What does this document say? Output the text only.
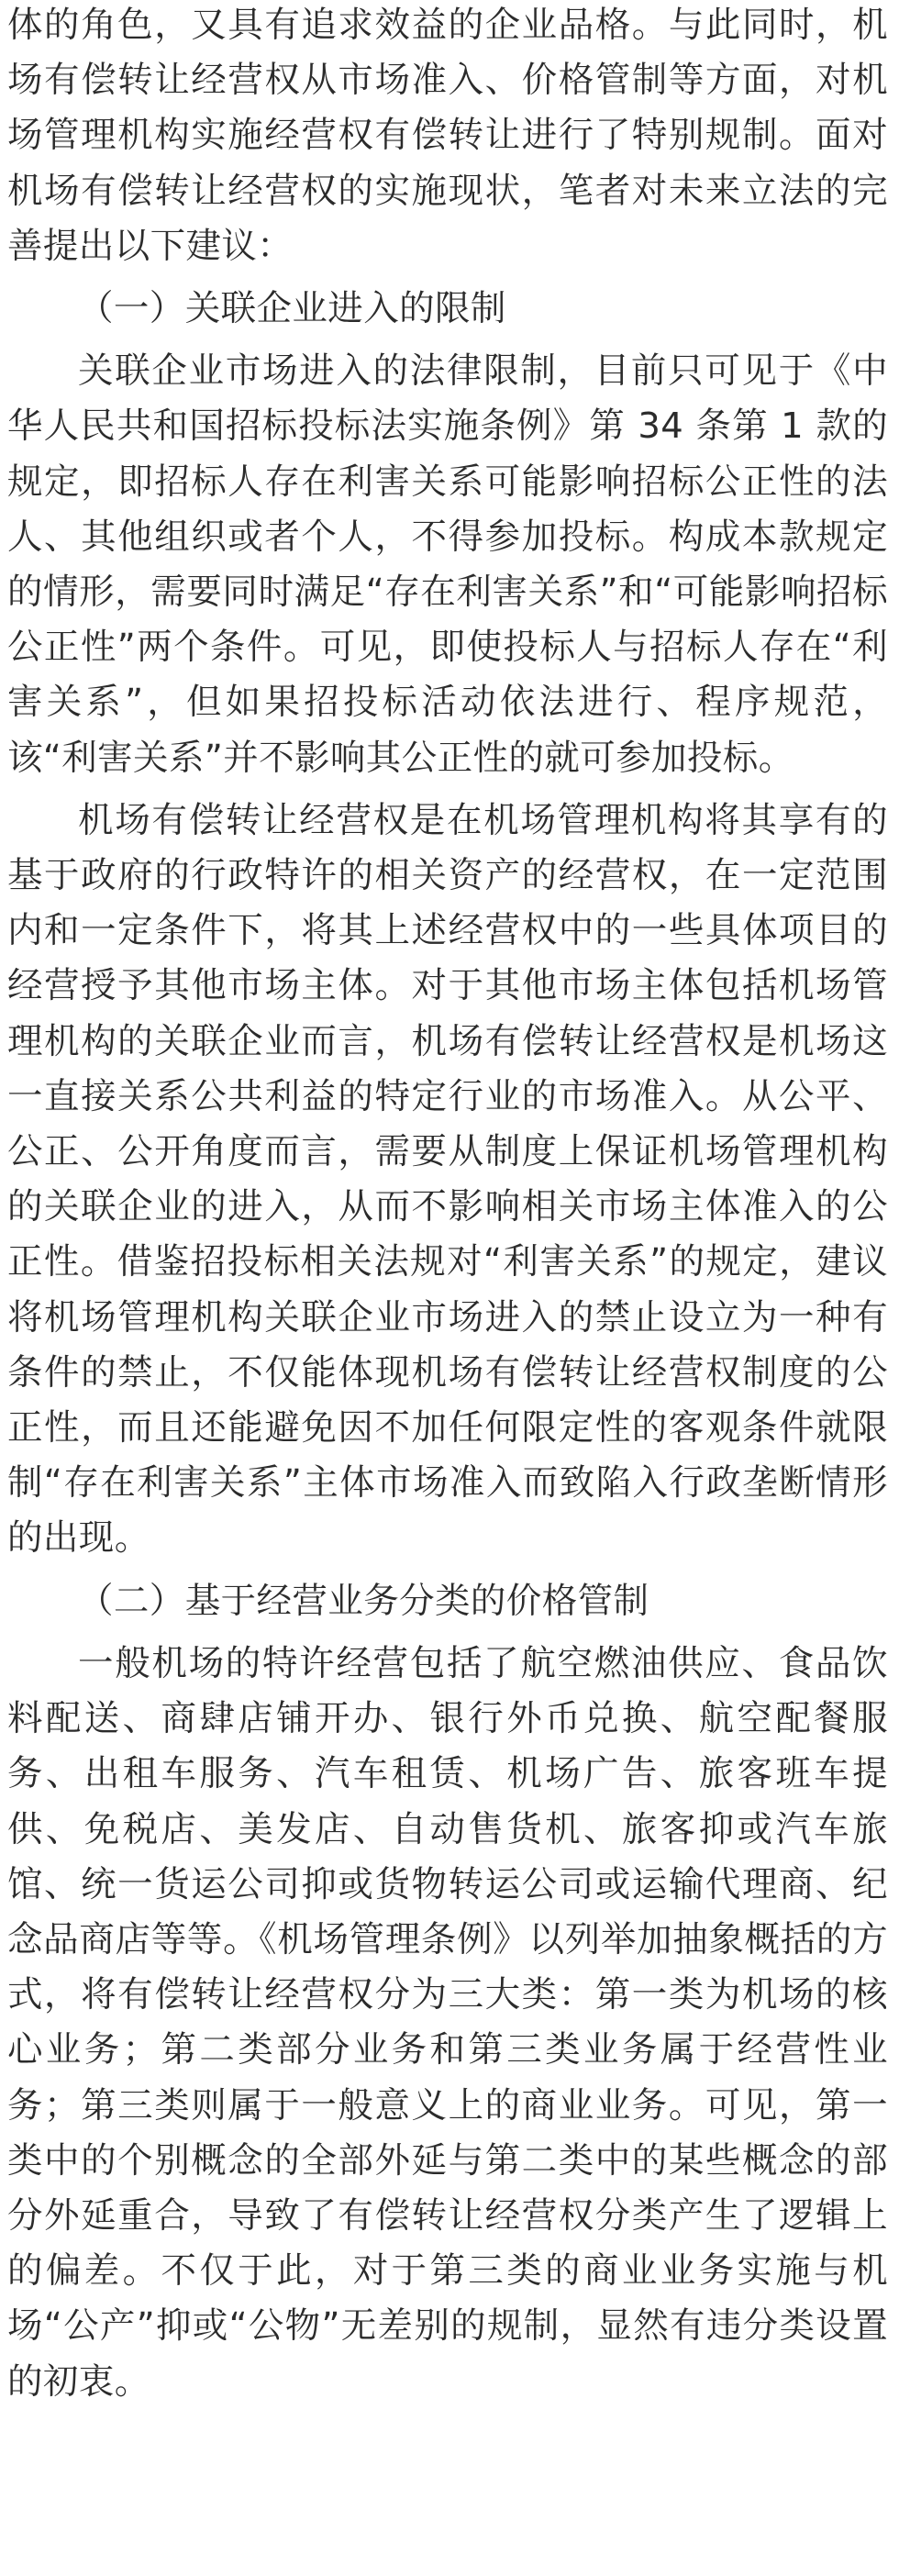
体的角色，又具有追求效益的企业品格。与此同时，机场有偿转让经营权从市场准入、价格管制等方面，对机场管理机构实施经营权有偿转让进行了特别规制。面对机场有偿转让经营权的实施现状，笔者对未来立法的完善提出以下建议：

（一）关联企业进入的限制

关联企业市场进入的法律限制，目前只可见于《中华人民共和国招标投标法实施条例》第 34 条第 1 款的规定，即招标人存在利害关系可能影响招标公正性的法人、其他组织或者个人，不得参加投标。构成本款规定的情形，需要同时满足“存在利害关系”和“可能影响招标公正性”两个条件。可见，即使投标人与招标人存在“利害关系”，但如果招投标活动依法进行、程序规范，该“利害关系”并不影响其公正性的就可参加投标。

机场有偿转让经营权是在机场管理机构将其享有的基于政府的行政特许的相关资产的经营权，在一定范围内和一定条件下，将其上述经营权中的一些具体项目的经营授予其他市场主体。对于其他市场主体包括机场管理机构的关联企业而言，机场有偿转让经营权是机场这一直接关系公共利益的特定行业的市场准入。从公平、公正、公开角度而言，需要从制度上保证机场管理机构的关联企业的进入，从而不影响相关市场主体准入的公正性。借鉴招投标相关法规对“利害关系”的规定，建议将机场管理机构关联企业市场进入的禁止设立为一种有条件的禁止，不仅能体现机场有偿转让经营权制度的公正性，而且还能避免因不加任何限定性的客观条件就限制“存在利害关系”主体市场准入而致陷入行政垄断情形的出现。

（二）基于经营业务分类的价格管制

一般机场的特许经营包括了航空燃油供应、食品饮料配送、商肆店铺开办、银行外币兑换、航空配餐服务、出租车服务、汽车租赁、机场广告、旅客班车提供、免税店、美发店、自动售货机、旅客抑或汽车旅馆、统一货运公司抑或货物转运公司或运输代理商、纪念品商店等等。《机场管理条例》以列举加抽象概括的方式，将有偿转让经营权分为三大类：第一类为机场的核心业务；第二类部分业务和第三类业务属于经营性业务；第三类则属于一般意义上的商业业务。可见，第一类中的个别概念的全部外延与第二类中的某些概念的部分外延重合，导致了有偿转让经营权分类产生了逻辑上的偏差。不仅于此，对于第三类的商业业务实施与机场“公产”抑或“公物”无差别的规制，显然有违分类设置的初衷。
